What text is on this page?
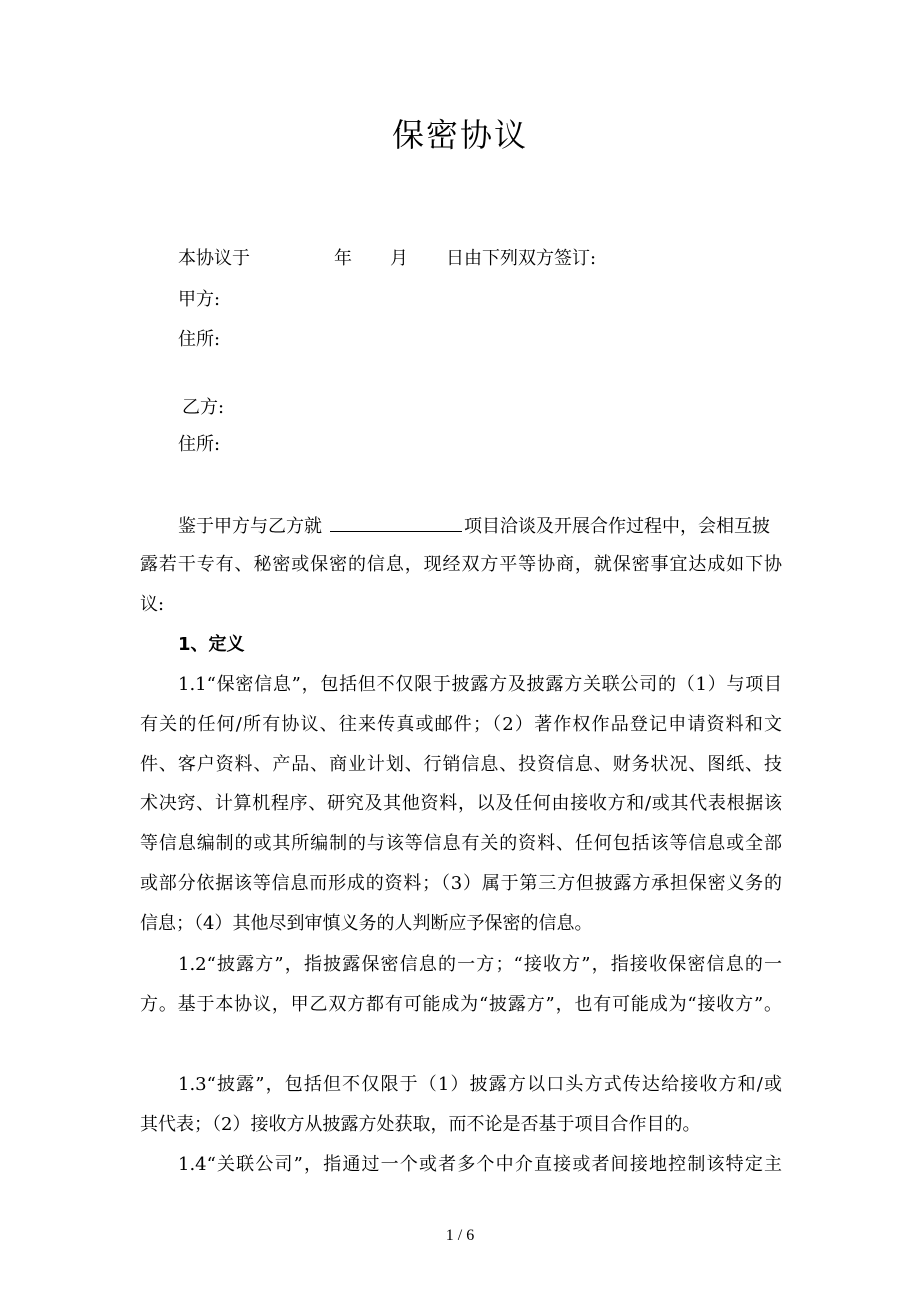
保密协议
本协议于	年 月 日由下列双方签订:
甲方:
住所:
乙方:
住所:
鉴于甲方与乙方就	项目洽谈及开展合作过程中，会相互披
露若干专有、秘密或保密的信息，现经双方平等协商，就保密事宜达成如下协
议:
1、定义
1.1“保密信息”，包括但不仅限于披露方及披露方关联公司的（1）与项目
有关的任何/所有协议、往来传真或邮件；（2）著作权作品登记申请资料和文
件、客户资料、产品、商业计划、行销信息、投资信息、财务状况、图纸、技
术决窍、计算机程序、研究及其他资料，以及任何由接收方和/或其代表根据该
等信息编制的或其所编制的与该等信息有关的资料、任何包括该等信息或全部
或部分依据该等信息而形成的资料；（3）属于第三方但披露方承担保密义务的
信息；（4）其他尽到审慎义务的人判断应予保密的信息。
1.2“披露方”，指披露保密信息的一方；“接收方”，指接收保密信息的一
方。基于本协议，甲乙双方都有可能成为“披露方”，也有可能成为“接收方”。
1.3“披露”，包括但不仅限于（1）披露方以口头方式传达给接收方和/或
其代表；（2）接收方从披露方处获取，而不论是否基于项目合作目的。
1.4“关联公司”，指通过一个或者多个中介直接或者间接地控制该特定主
1 / 6
